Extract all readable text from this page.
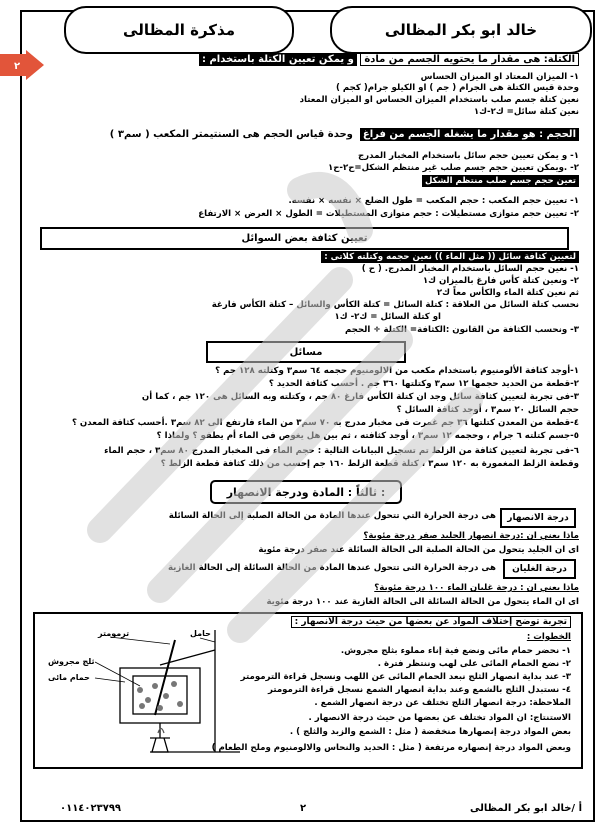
٢
خالد ابو بكر المظالى
مذكرة المظالى
الكتلة: هى مقدار ما يحتويه الجسم من مادة و يمكن تعيين الكتلة باستخدام :
١- الميزان المعتاد او الميزان الحساس
وحدة قيس الكتلة هى الجرام ( جم ) او الكيلو جرام( كجم )
نعين كتلة جسم صلب باستخدام الميزان الحساس او الميزان المعتاد
نعين كتلة سائل= ك٢-ك١
الحجم : هو مقدار ما يشغله الجسم من فراغ  وحدة قياس الحجم هى السنتيمتر المكعب ( سم٣ )
١- و يمكن تعيين حجم سائل باستخدام المخبار المدرج
٢- .ويمكن تعيين حجم جسم صلب غير منتظم الشكل=ح٢-ح١
تعين حجم جسم صلب منتظم الشكل
١- تعيين حجم المكعب : حجم المكعب = طول الضلع × نفسه × نفسه.
٢- تعيين حجم متوازى مستطيلات : حجم متوازى المستطيلات = الطول × العرض × الارتفاع
تعيين كثافة بعض السوائل
لتعيين كثافة سائل (( مثل الماء )) نعين حجمه وكتلته كلاتى :
١- نعين حجم السائل باستخدام المخبار المدرج. ( ح )
٢- ونعين كتلة كأس فارغ بالميزان ك١
ثم نعين كتلة الماء والكأس معاً ك٢
نحسب كتلة السائل من العلاقة : كتلة السائل = كتلة الكأس والسائل – كتلة الكأس فارغة
او كتلة السائل = ك٢- ك١
٣- ونحسب الكثافة من القانون :الكثافة= الكتلة ÷ الحجم
مسائل
١-أوجد كثافة الألومنيوم باستخدام مكعب من الالومنيوم حجمه ٦٤ سم٣ وكتلته ١٢٨ جم ؟
٢-قطعة من الحديد حجمها ١٢ سم٣ وكتلتها ٣٦٠ جم . أحسب كثافة الحديد ؟
٣-فى تجربة لتعيين كثافة سائل وجد ان كتلة الكأس فارغ ٨٠ جم ، وكتلته وبه السائل هى ١٢٠ جم ، كما أن
حجم السائل ٢٠ سم٣ ، أوجد كثافة السائل ؟
٤-قطعة من المعدن كتلتها ٣٦ جم غمرت فى مخبار مدرج به ٧٠ سم٣ من الماء فارتفع الى ٨٢ سم٣ .أحسب كثافة المعدن ؟
٥-جسم كتلته ٦ جرام ، وحجمه ١٢ سم٣ ، أوجد كثافته ، ثم بين هل يغوص فى الماء أم يطفو ؟ ولماذا ؟
٦-فى تجربة لتعيين كثافة من الزلط تم تسجيل البيانات التالية : حجم الماء فى المخبار المدرج ٨٠ سم٣ ، حجم الماء
وقطعة الزلط المغمورة به ١٢٠ سم٣ ، كتلة قطعة الزلط ١٦٠ جم إحسب من ذلك كثافة قطعة الزلط ؟
ثالثاً : المادة ودرجة الانصهار :
درجة الانصهار
هى درجة الحرارة التي تتحول عندها المادة من الحالة الصلبة إلى الحالة السائلة
ماذا يعني ان :درجة انصهار الجليد صفر درجة مئوية؟
اى ان الجليد يتحول من الحالة الصلبة الى الحالة السائلة عند صفر درجة مئوية
درجة الغليان
هى درجة الحرارة التى تتحول عندها المادة من الحالة السائلة إلى الحالة الغازية
ماذا يعني ان : درجة غليان الماء ١٠٠ درجة مئوية؟
اى ان الماء يتحول من الحالة السائلة الى الحالة الغازية عند ١٠٠ درجة مئوية
تجربة توضح إختلاف المواد عن بعضها من حيث درجة الانصهار :
الخطوات :
١- نحضر حمام مائى ونضع فية إناء مملوء بثلج مجروش.
٢- نضع الحمام المائى على لهب وننتظر فترة .
٣- عند بداية انصهار الثلج نبعد الحمام المائى عن اللهب ونسجل قراءة الترمومتر
٤- نستبدل الثلج بالشمع وعند بداية انصهار الشمع نسجل قراءة الترمومتر
الملاحظة: درجة انصهار الثلج تختلف عن درجة انصهار الشمع .
الاستنتاج: ان المواد تختلف عن بعضها من حيث درجة الانصهار .
بعض المواد درجة إنصهارها منخفضة ( مثل : الشمع والزبد والثلج ) .
وبعض المواد درجة إنصهاره مرتفعة ( مثل : الحديد والنحاس والالومنيوم وملح الطعام )
ترمومتر	حامل
ثلج مجروش
حمام مائى
أ /خالد ابو بكر المظالى
٢
٠١١٤٠٢٣٧٩٩
